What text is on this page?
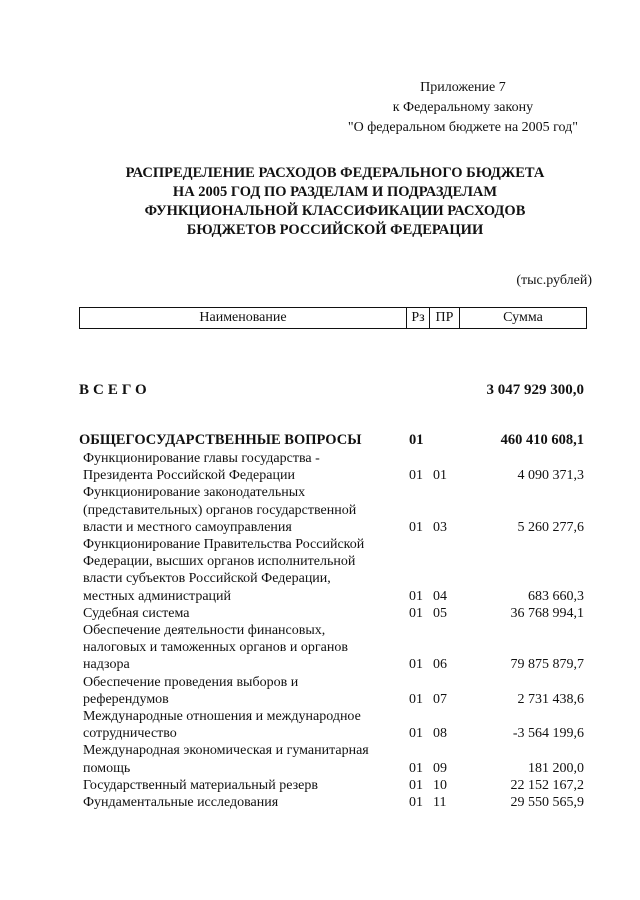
Приложение 7
к Федеральному закону
"О федеральном бюджете на 2005 год"
РАСПРЕДЕЛЕНИЕ РАСХОДОВ ФЕДЕРАЛЬНОГО БЮДЖЕТА
НА 2005 ГОД ПО РАЗДЕЛАМ И ПОДРАЗДЕЛАМ
ФУНКЦИОНАЛЬНОЙ КЛАССИФИКАЦИИ РАСХОДОВ
БЮДЖЕТОВ РОССИЙСКОЙ ФЕДЕРАЦИИ
(тыс.рублей)
Наименование	Рз ПР	Сумма
ВСЕГО	3 047 929 300,0
ОБЩЕГОСУДАРСТВЕННЫЕ ВОПРОСЫ	01	460 410 608,1
Функционирование главы государства -
Президента Российской Федерации	01 01	4 090 371,3
Функционирование законодательных
(представительных) органов государственной
власти и местного самоуправления	01 03	5 260 277,6
Функционирование Правительства Российской
Федерации, высших органов исполнительной
власти субъектов Российской Федерации,
местных администраций	01 04	683 660,3
Судебная система	01 05	36 768 994,1
Обеспечение деятельности финансовых,
налоговых и таможенных органов и органов
надзора	01 06	79 875 879,7
Обеспечение проведения выборов и
референдумов	01 07	2 731 438,6
Международные отношения и международное
сотрудничество	01 08	-3 564 199,6
Международная экономическая и гуманитарная
помощь	01 09	181 200,0
Государственный материальный резерв	01 10	22 152 167,2
Фундаментальные исследования	01 11	29 550 565,9
